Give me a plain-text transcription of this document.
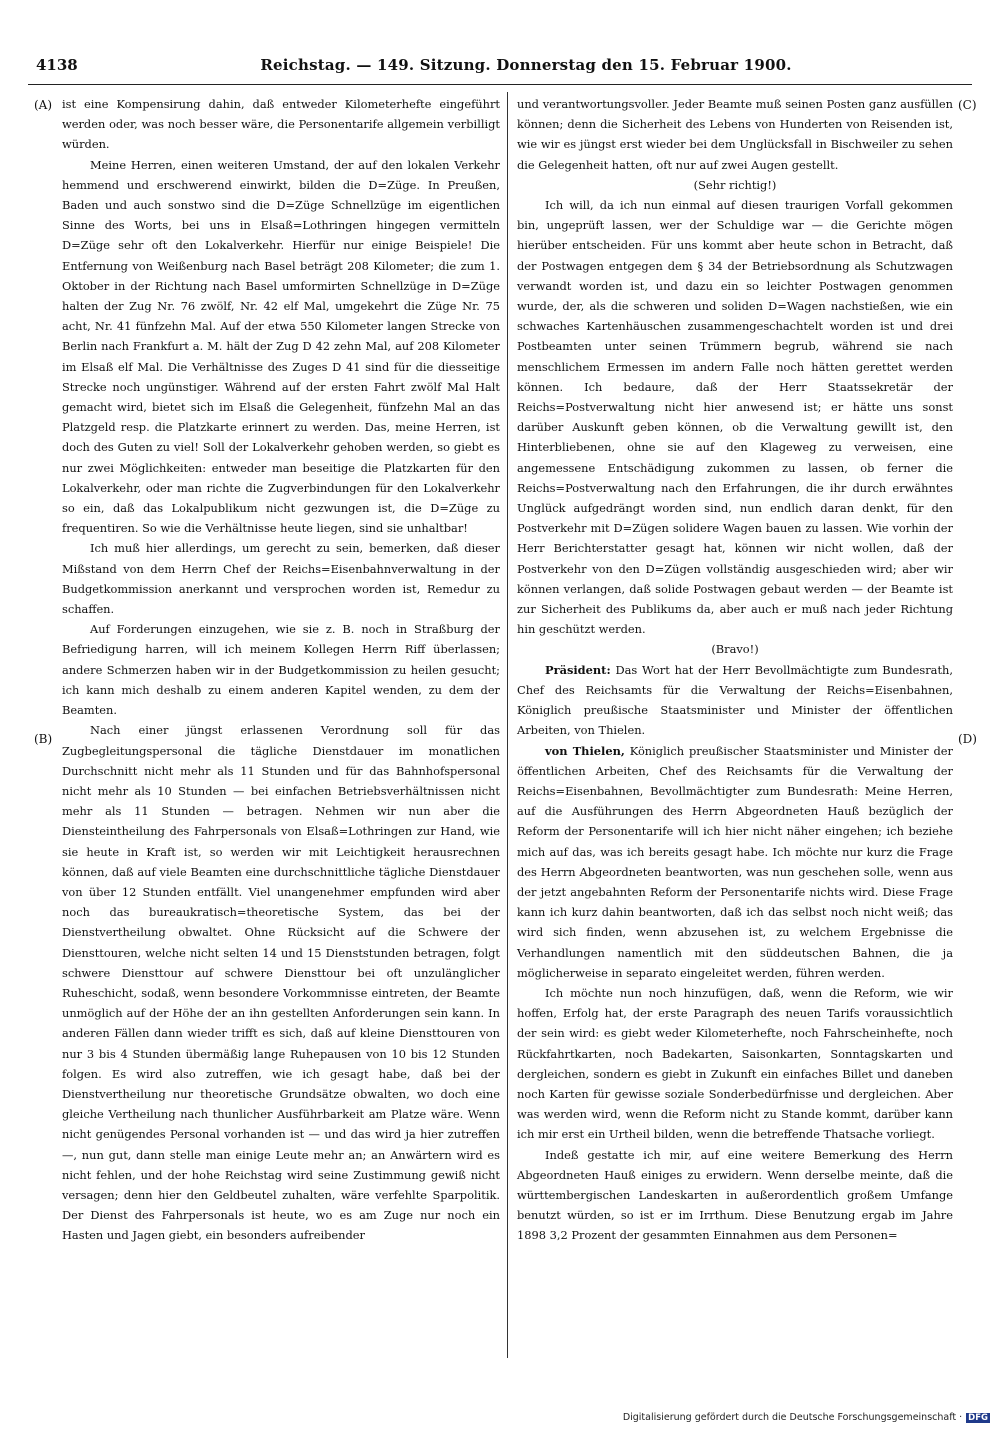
4138	Reichstag. — 149. Sitzung. Donnerstag den 15. Februar 1900.
(A)
(B)
(C)
(D)

ist eine Kompensirung dahin, daß entweder Kilometerhefte eingeführt werden oder, was noch besser wäre, die Personentarife allgemein verbilligt würden.

Meine Herren, einen weiteren Umstand, der auf den lokalen Verkehr hemmend und erschwerend einwirkt, bilden die D=Züge. In Preußen, Baden und auch sonstwo sind die D=Züge Schnellzüge im eigentlichen Sinne des Worts, bei uns in Elsaß=Lothringen hingegen vermitteln D=Züge sehr oft den Lokalverkehr. Hierfür nur einige Beispiele! Die Entfernung von Weißenburg nach Basel beträgt 208 Kilometer; die zum 1. Oktober in der Richtung nach Basel umformirten Schnellzüge in D=Züge halten der Zug Nr. 76 zwölf, Nr. 42 elf Mal, umgekehrt die Züge Nr. 75 acht, Nr. 41 fünfzehn Mal. Auf der etwa 550 Kilometer langen Strecke von Berlin nach Frankfurt a. M. hält der Zug D 42 zehn Mal, auf 208 Kilometer im Elsaß elf Mal. Die Verhältnisse des Zuges D 41 sind für die diesseitige Strecke noch ungünstiger. Während auf der ersten Fahrt zwölf Mal Halt gemacht wird, bietet sich im Elsaß die Gelegenheit, fünfzehn Mal an das Platzgeld resp. die Platzkarte erinnert zu werden. Das, meine Herren, ist doch des Guten zu viel! Soll der Lokalverkehr gehoben werden, so giebt es nur zwei Möglichkeiten: entweder man beseitige die Platzkarten für den Lokalverkehr, oder man richte die Zugverbindungen für den Lokalverkehr so ein, daß das Lokalpublikum nicht gezwungen ist, die D=Züge zu frequentiren. So wie die Verhältnisse heute liegen, sind sie unhaltbar!

Ich muß hier allerdings, um gerecht zu sein, bemerken, daß dieser Mißstand von dem Herrn Chef der Reichs=Eisenbahnverwaltung in der Budgetkommission anerkannt und versprochen worden ist, Remedur zu schaffen.

Auf Forderungen einzugehen, wie sie z. B. noch in Straßburg der Befriedigung harren, will ich meinem Kollegen Herrn Riff überlassen; andere Schmerzen haben wir in der Budgetkommission zu heilen gesucht; ich kann mich deshalb zu einem anderen Kapitel wenden, zu dem der Beamten.

Nach einer jüngst erlassenen Verordnung soll für das Zugbegleitungspersonal die tägliche Dienstdauer im monatlichen Durchschnitt nicht mehr als 11 Stunden und für das Bahnhofspersonal nicht mehr als 10 Stunden — bei einfachen Betriebsverhältnissen nicht mehr als 11 Stunden — betragen. Nehmen wir nun aber die Diensteintheilung des Fahrpersonals von Elsaß=Lothringen zur Hand, wie sie heute in Kraft ist, so werden wir mit Leichtigkeit herausrechnen können, daß auf viele Beamten eine durchschnittliche tägliche Dienstdauer von über 12 Stunden entfällt. Viel unangenehmer empfunden wird aber noch das bureaukratisch=theoretische System, das bei der Dienstvertheilung obwaltet. Ohne Rücksicht auf die Schwere der Diensttouren, welche nicht selten 14 und 15 Dienststunden betragen, folgt schwere Diensttour auf schwere Diensttour bei oft unzulänglicher Ruheschicht, sodaß, wenn besondere Vorkommnisse eintreten, der Beamte unmöglich auf der Höhe der an ihn gestellten Anforderungen sein kann. In anderen Fällen dann wieder trifft es sich, daß auf kleine Diensttouren von nur 3 bis 4 Stunden übermäßig lange Ruhepausen von 10 bis 12 Stunden folgen. Es wird also zutreffen, wie ich gesagt habe, daß bei der Dienstvertheilung nur theoretische Grundsätze obwalten, wo doch eine gleiche Vertheilung nach thunlicher Ausführbarkeit am Platze wäre. Wenn nicht genügendes Personal vorhanden ist — und das wird ja hier zutreffen —, nun gut, dann stelle man einige Leute mehr an; an Anwärtern wird es nicht fehlen, und der hohe Reichstag wird seine Zustimmung gewiß nicht versagen; denn hier den Geldbeutel zuhalten, wäre verfehlte Sparpolitik. Der Dienst des Fahrpersonals ist heute, wo es am Zuge nur noch ein Hasten und Jagen giebt, ein besonders aufreibender

und verantwortungsvoller. Jeder Beamte muß seinen Posten ganz ausfüllen können; denn die Sicherheit des Lebens von Hunderten von Reisenden ist, wie wir es jüngst erst wieder bei dem Unglücksfall in Bischweiler zu sehen die Gelegenheit hatten, oft nur auf zwei Augen gestellt.

(Sehr richtig!)

Ich will, da ich nun einmal auf diesen traurigen Vorfall gekommen bin, ungeprüft lassen, wer der Schuldige war — die Gerichte mögen hierüber entscheiden. Für uns kommt aber heute schon in Betracht, daß der Postwagen entgegen dem § 34 der Betriebsordnung als Schutzwagen verwandt worden ist, und dazu ein so leichter Postwagen genommen wurde, der, als die schweren und soliden D=Wagen nachstießen, wie ein schwaches Kartenhäuschen zusammengeschachtelt worden ist und drei Postbeamten unter seinen Trümmern begrub, während sie nach menschlichem Ermessen im andern Falle noch hätten gerettet werden können. Ich bedaure, daß der Herr Staatssekretär der Reichs=Postverwaltung nicht hier anwesend ist; er hätte uns sonst darüber Auskunft geben können, ob die Verwaltung gewillt ist, den Hinterbliebenen, ohne sie auf den Klageweg zu verweisen, eine angemessene Entschädigung zukommen zu lassen, ob ferner die Reichs=Postverwaltung nach den Erfahrungen, die ihr durch erwähntes Unglück aufgedrängt worden sind, nun endlich daran denkt, für den Postverkehr mit D=Zügen solidere Wagen bauen zu lassen. Wie vorhin der Herr Berichterstatter gesagt hat, können wir nicht wollen, daß der Postverkehr von den D=Zügen vollständig ausgeschieden wird; aber wir können verlangen, daß solide Postwagen gebaut werden — der Beamte ist zur Sicherheit des Publikums da, aber auch er muß nach jeder Richtung hin geschützt werden.

(Bravo!)

Präsident: Das Wort hat der Herr Bevollmächtigte zum Bundesrath, Chef des Reichsamts für die Verwaltung der Reichs=Eisenbahnen, Königlich preußische Staatsminister und Minister der öffentlichen Arbeiten, von Thielen.

von Thielen, Königlich preußischer Staatsminister und Minister der öffentlichen Arbeiten, Chef des Reichsamts für die Verwaltung der Reichs=Eisenbahnen, Bevollmächtigter zum Bundesrath: Meine Herren, auf die Ausführungen des Herrn Abgeordneten Hauß bezüglich der Reform der Personentarife will ich hier nicht näher eingehen; ich beziehe mich auf das, was ich bereits gesagt habe. Ich möchte nur kurz die Frage des Herrn Abgeordneten beantworten, was nun geschehen solle, wenn aus der jetzt angebahnten Reform der Personentarife nichts wird. Diese Frage kann ich kurz dahin beantworten, daß ich das selbst noch nicht weiß; das wird sich finden, wenn abzusehen ist, zu welchem Ergebnisse die Verhandlungen namentlich mit den süddeutschen Bahnen, die ja möglicherweise in separato eingeleitet werden, führen werden.

Ich möchte nun noch hinzufügen, daß, wenn die Reform, wie wir hoffen, Erfolg hat, der erste Paragraph des neuen Tarifs voraussichtlich der sein wird: es giebt weder Kilometerhefte, noch Fahrscheinhefte, noch Rückfahrtkarten, noch Badekarten, Saisonkarten, Sonntagskarten und dergleichen, sondern es giebt in Zukunft ein einfaches Billet und daneben noch Karten für gewisse soziale Sonderbedürfnisse und dergleichen. Aber was werden wird, wenn die Reform nicht zu Stande kommt, darüber kann ich mir erst ein Urtheil bilden, wenn die betreffende Thatsache vorliegt.

Indeß gestatte ich mir, auf eine weitere Bemerkung des Herrn Abgeordneten Hauß einiges zu erwidern. Wenn derselbe meinte, daß die württembergischen Landeskarten in außerordentlich großem Umfange benutzt würden, so ist er im Irrthum. Diese Benutzung ergab im Jahre 1898 3,2 Prozent der gesammten Einnahmen aus dem Personen=

Digitalisierung gefördert durch die Deutsche Forschungsgemeinschaft · DFG
